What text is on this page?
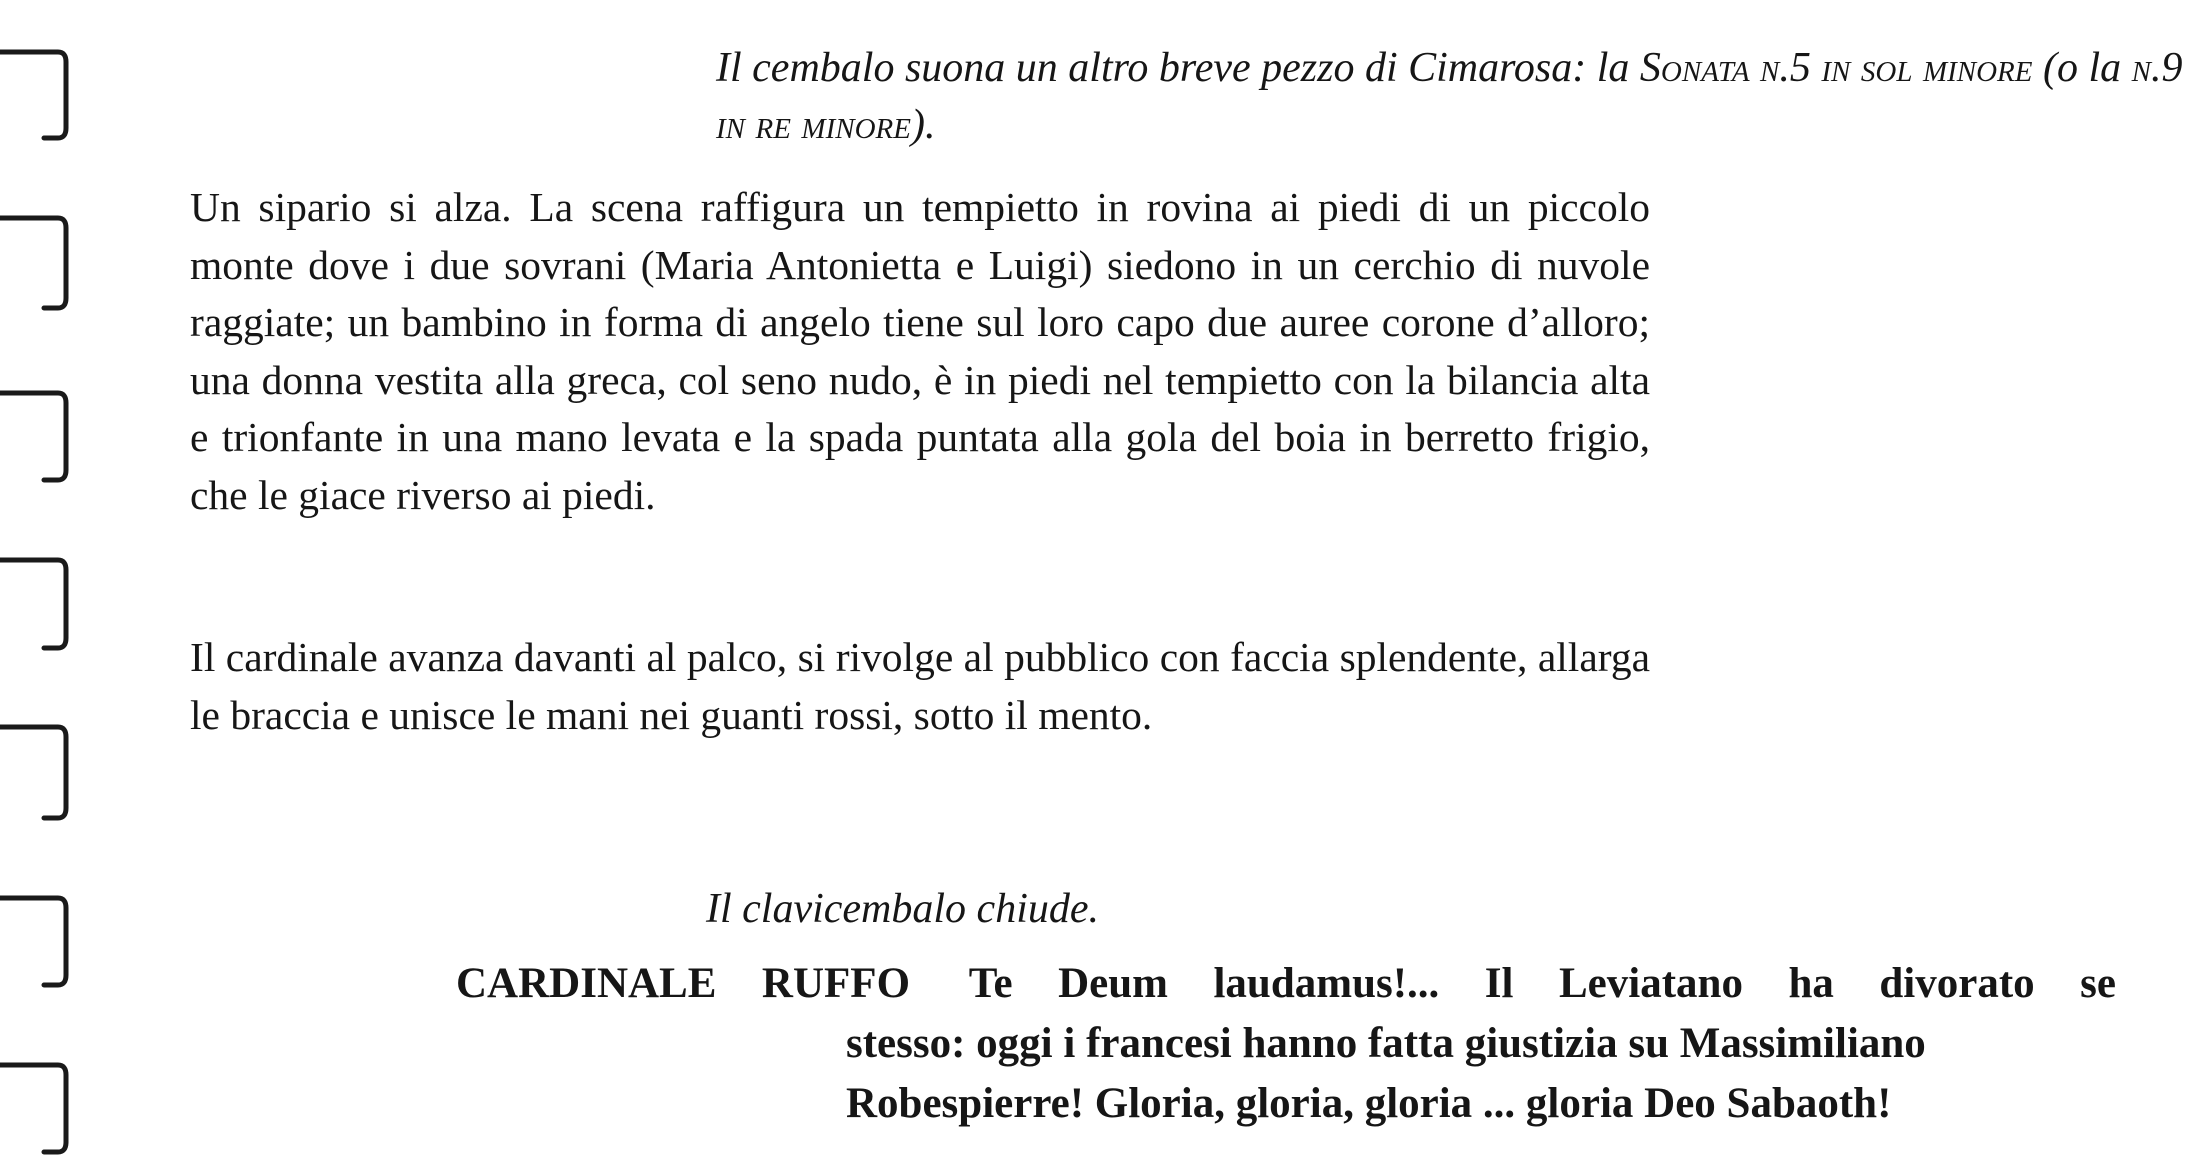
Il cembalo suona un altro breve pezzo di Cimarosa: la Sonata n.5 in sol minore (o la n.9 in re minore).

Un sipario si alza. La scena raffigura un tempietto in rovina ai piedi di un piccolo monte dove i due sovrani (Maria Antonietta e Luigi) siedono in un cerchio di nuvole raggiate; un bambino in forma di angelo tiene sul loro capo due auree corone d’alloro; una donna vestita alla greca, col seno nudo, è in piedi nel tempietto con la bilancia alta e trionfante in una mano levata e la spada puntata alla gola del boia in berretto frigio, che le giace riverso ai piedi.

Il cardinale avanza davanti al palco, si rivolge al pubblico con faccia splendente, allarga le braccia e unisce le mani nei guanti rossi, sotto il mento.

Il clavicembalo chiude.

CARDINALE RUFFO Te Deum laudamus!... Il Leviatano ha divorato se
stesso: oggi i francesi hanno fatta giustizia su Massimiliano
Robespierre! Gloria, gloria, gloria ... gloria Deo Sabaoth!
